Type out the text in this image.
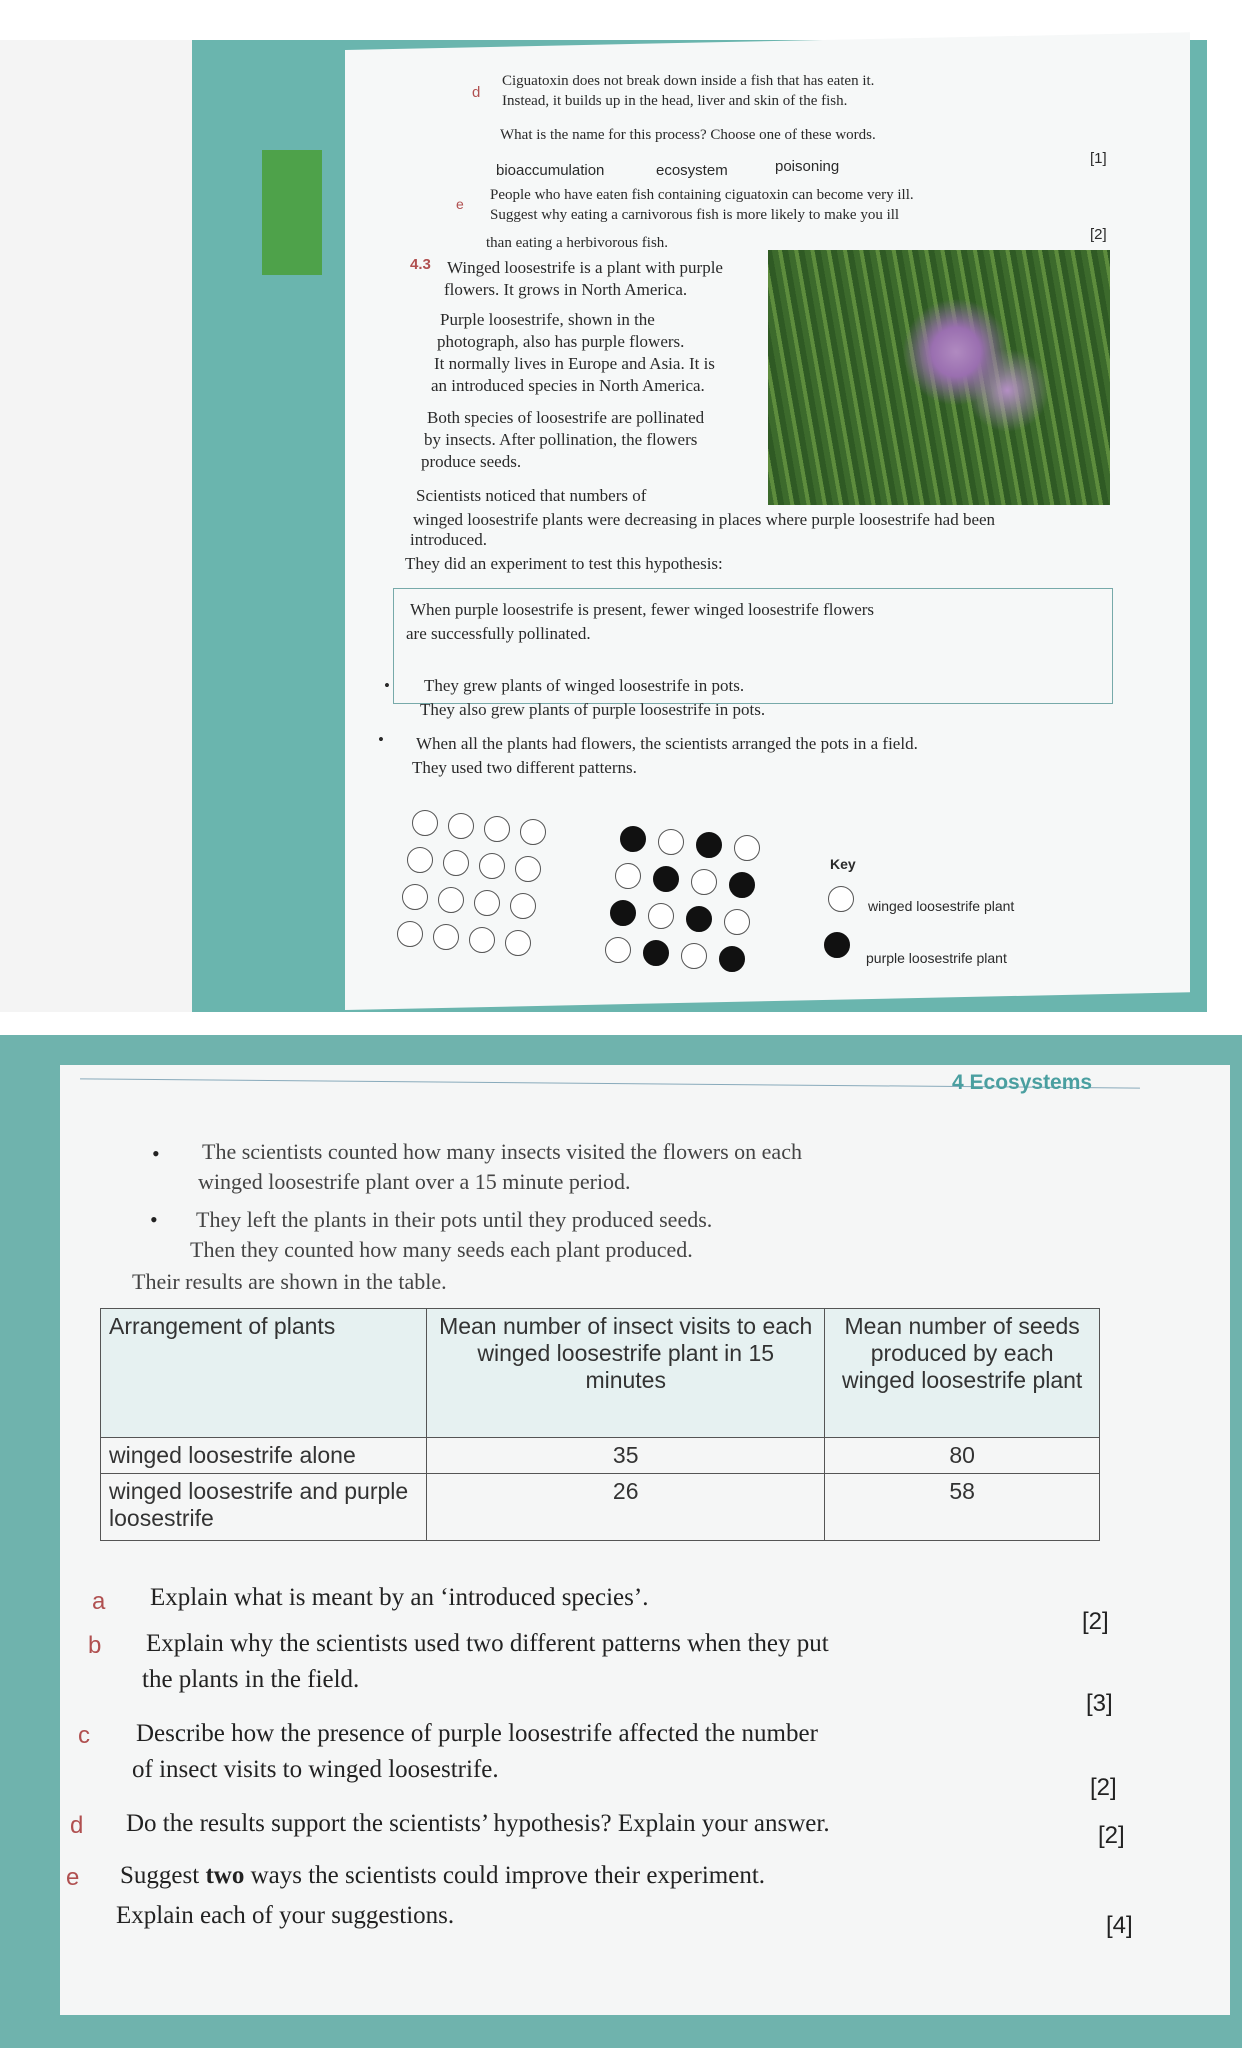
d

Ciguatoxin does not break down inside a fish that has eaten it.

Instead, it builds up in the head, liver and skin of the fish.

What is the name for this process? Choose one of these words.

bioaccumulation	ecosystem	poisoning	[1]

e

People who have eaten fish containing ciguatoxin can become very ill.

Suggest why eating a carnivorous fish is more likely to make you ill

than eating a herbivorous fish.	[2]

4.3 Winged loosestrife is a plant with purple

flowers. It grows in North America.

Purple loosestrife, shown in the

photograph, also has purple flowers.

It normally lives in Europe and Asia. It is

an introduced species in North America.

Both species of loosestrife are pollinated

by insects. After pollination, the flowers

produce seeds.

Scientists noticed that numbers of

winged loosestrife plants were decreasing in places where purple loosestrife had been

introduced.

They did an experiment to test this hypothesis:

When purple loosestrife is present, fewer winged loosestrife flowers

are successfully pollinated.

• They grew plants of winged loosestrife in pots.

They also grew plants of purple loosestrife in pots.

• When all the plants had flowers, the scientists arranged the pots in a field.

They used two different patterns.

Key

winged loosestrife plant

purple loosestrife plant

4 Ecosystems

• The scientists counted how many insects visited the flowers on each

winged loosestrife plant over a 15 minute period.

• They left the plants in their pots until they produced seeds.

Then they counted how many seeds each plant produced.

Their results are shown in the table.

Arrangement of plants	Mean number of insect visits to each winged loosestrife plant in 15 minutes	Mean number of seeds produced by each winged loosestrife plant
winged loosestrife alone	35	80
winged loosestrife and purple loosestrife	26	58

a Explain what is meant by an ‘introduced species’.

[2]

b Explain why the scientists used two different patterns when they put

the plants in the field.

[3]

c Describe how the presence of purple loosestrife affected the number

of insect visits to winged loosestrife.

[2]

d Do the results support the scientists’ hypothesis? Explain your answer.	[2]

e Suggest two ways the scientists could improve their experiment.

Explain each of your suggestions.	[4]
